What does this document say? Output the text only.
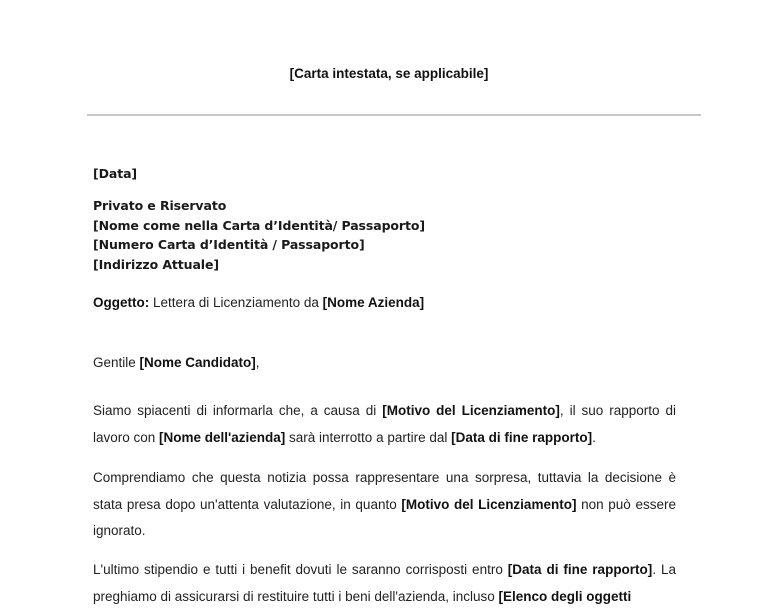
[Carta intestata, se applicabile]
[Data]
Privato e Riservato
[Nome come nella Carta d’Identità/ Passaporto]
[Numero Carta d’Identità / Passaporto]
[Indirizzo Attuale]
Oggetto: Lettera di Licenziamento da [Nome Azienda]
Gentile [Nome Candidato],
Siamo spiacenti di informarla che, a causa di [Motivo del Licenziamento], il suo rapporto di lavoro con [Nome dell'azienda] sarà interrotto a partire dal [Data di fine rapporto].
Comprendiamo che questa notizia possa rappresentare una sorpresa, tuttavia la decisione è stata presa dopo un'attenta valutazione, in quanto [Motivo del Licenziamento] non può essere ignorato.
L'ultimo stipendio e tutti i benefit dovuti le saranno corrisposti entro [Data di fine rapporto]. La preghiamo di assicurarsi di restituire tutti i beni dell'azienda, incluso [Elenco degli oggetti
